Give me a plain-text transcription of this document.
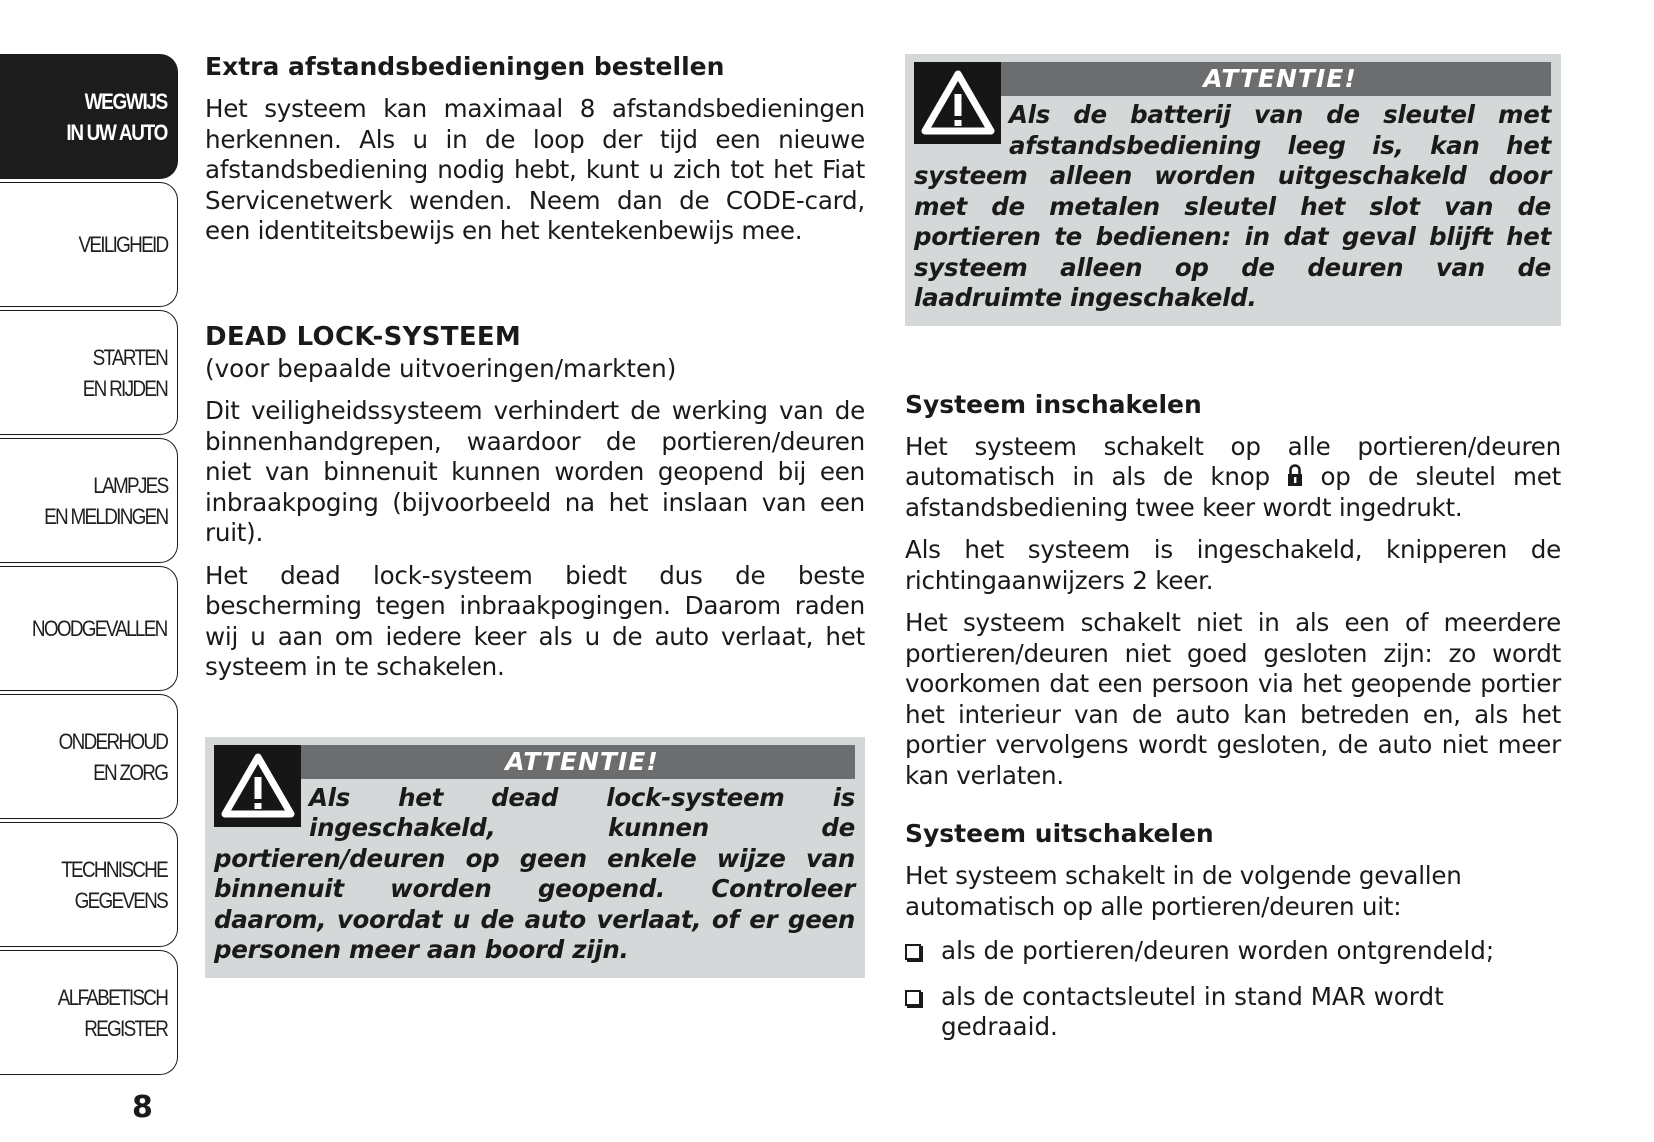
WEGWIJS
IN UW AUTO
VEILIGHEID
STARTEN
EN RIJDEN
LAMPJES
EN MELDINGEN
NOODGEVALLEN
ONDERHOUD
EN ZORG
TECHNISCHE
GEGEVENS
ALFABETISCH
REGISTER
8
Extra afstandsbedieningen bestellen

Het systeem kan maximaal 8 afstandsbedieningen herkennen. Als u in de loop der tijd een nieuwe afstandsbediening nodig hebt, kunt u zich tot het Fiat Servicenetwerk wenden. Neem dan de CODE-card, een identiteitsbewijs en het kentekenbewijs mee.

DEAD LOCK-SYSTEEM

(voor bepaalde uitvoeringen/markten)

Dit veiligheidssysteem verhindert de werking van de binnenhandgrepen, waardoor de portieren/deuren niet van binnenuit kunnen worden geopend bij een inbraakpoging (bijvoorbeeld na het inslaan van een ruit).

Het dead lock-systeem biedt dus de beste bescherming tegen inbraakpogingen. Daarom raden wij u aan om iedere keer als u de auto verlaat, het systeem in te schakelen.

ATTENTIE!
Als het dead lock-systeem is ingeschakeld, kunnen de portieren/deuren op geen enkele wijze van binnenuit worden geopend. Controleer daarom, voordat u de auto verlaat, of er geen personen meer aan boord zijn.
ATTENTIE!
Als de batterij van de sleutel met afstandsbediening leeg is, kan het systeem alleen worden uitgeschakeld door met de metalen sleutel het slot van de portieren te bedienen: in dat geval blijft het systeem alleen op de deuren van de laadruimte ingeschakeld.
Systeem inschakelen

Het systeem schakelt op alle portieren/deuren automatisch in als de knop op de sleutel met afstandsbediening twee keer wordt ingedrukt.

Als het systeem is ingeschakeld, knipperen de richtingaanwijzers 2 keer.

Het systeem schakelt niet in als een of meerdere portieren/deuren niet goed gesloten zijn: zo wordt voorkomen dat een persoon via het geopende portier het interieur van de auto kan betreden en, als het portier vervolgens wordt gesloten, de auto niet meer kan verlaten.

Systeem uitschakelen

Het systeem schakelt in de volgende gevallen automatisch op alle portieren/deuren uit:

als de portieren/deuren worden ontgrendeld;
als de contactsleutel in stand MAR wordt gedraaid.
